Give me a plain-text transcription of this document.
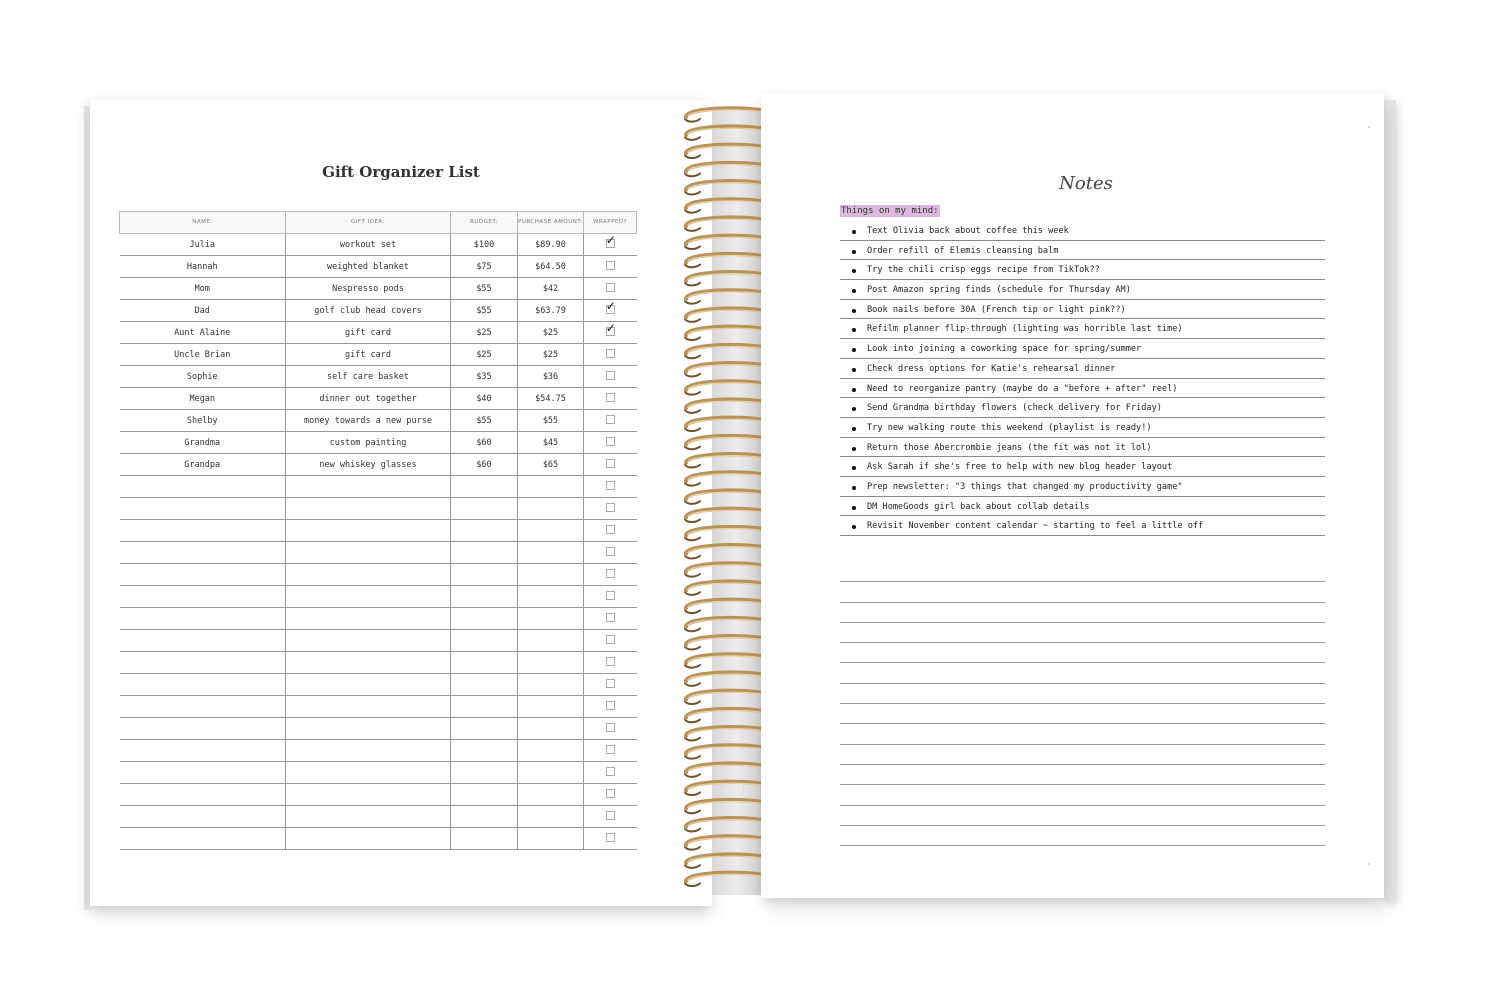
Gift Organizer List
NAME:	GIFT IDEA:	BUDGET:	PURCHASE AMOUNT:	WRAPPED?
Julia	workout set	$100	$89.90	✓
Hannah	weighted blanket	$75	$64.50	
Mom	Nespresso pods	$55	$42	
Dad	golf club head covers	$55	$63.79	✓
Aunt Alaine	gift card	$25	$25	✓
Uncle Brian	gift card	$25	$25	
Sophie	self care basket	$35	$36	
Megan	dinner out together	$40	$54.75	
Shelby	money towards a new purse	$55	$55	
Grandma	custom painting	$60	$45	
Grandpa	new whiskey glasses	$60	$65	

Notes
Things on my mind:
Text Olivia back about coffee this week
Order refill of Elemis cleansing balm
Try the chili crisp eggs recipe from TikTok??
Post Amazon spring finds (schedule for Thursday AM)
Book nails before 30A (French tip or light pink??)
Refilm planner flip-through (lighting was horrible last time)
Look into joining a coworking space for spring/summer
Check dress options for Katie's rehearsal dinner
Need to reorganize pantry (maybe do a "before + after" reel)
Send Grandma birthday flowers (check delivery for Friday)
Try new walking route this weekend (playlist is ready!)
Return those Abercrombie jeans (the fit was not it lol)
Ask Sarah if she's free to help with new blog header layout
Prep newsletter: "3 things that changed my productivity game"
DM HomeGoods girl back about collab details
Revisit November content calendar ~ starting to feel a little off
